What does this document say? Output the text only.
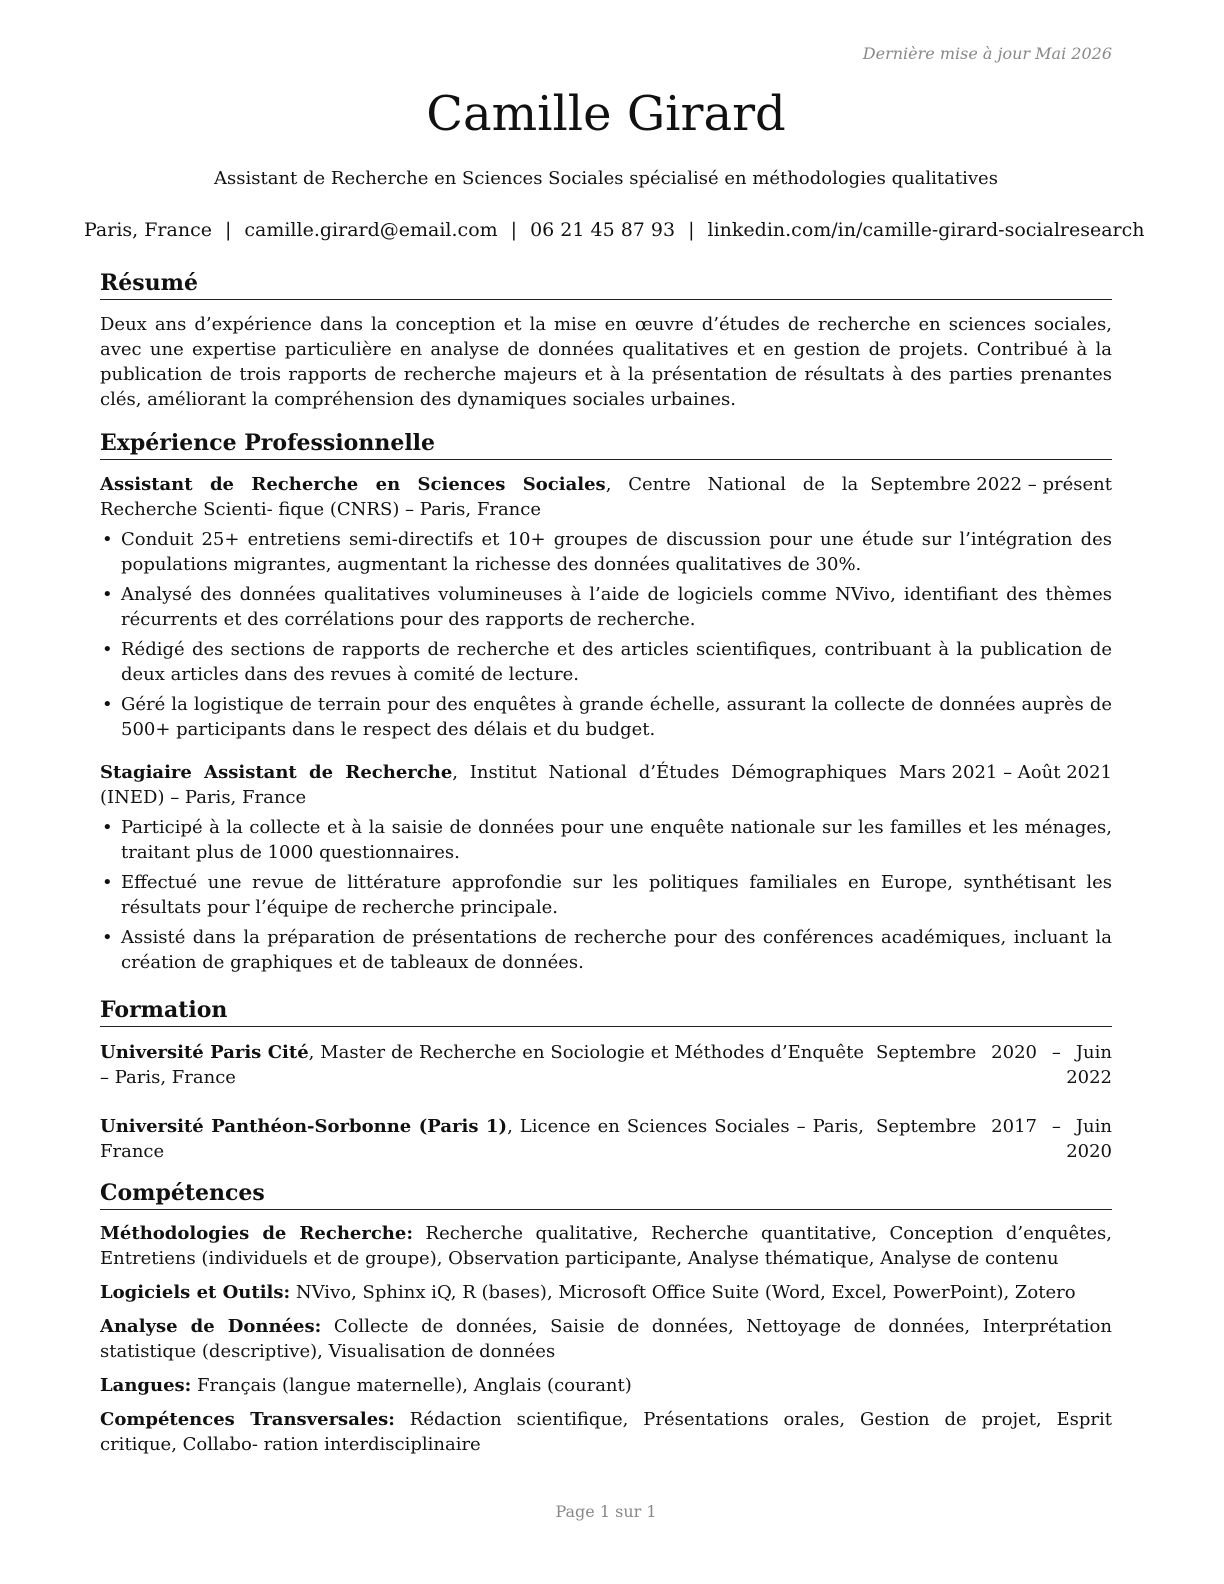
Dernière mise à jour Mai 2026
Camille Girard
Assistant de Recherche en Sciences Sociales spécialisé en méthodologies qualitatives
Paris, France | camille.girard@email.com | 06 21 45 87 93 | linkedin.com/in/camille-girard-socialresearch
Résumé
Deux ans d’expérience dans la conception et la mise en œuvre d’études de recherche en sciences sociales, avec une expertise particulière en analyse de données qualitatives et en gestion de projets. Contribué à la publication de trois rapports de recherche majeurs et à la présentation de résultats à des parties prenantes clés, améliorant la compréhension des dynamiques sociales urbaines.
Expérience Professionnelle
Assistant de Recherche en Sciences Sociales, Centre National de la Recherche Scienti- fique (CNRS) – Paris, France
Septembre 2022 – présent
• Conduit 25+ entretiens semi-directifs et 10+ groupes de discussion pour une étude sur l’intégration des populations migrantes, augmentant la richesse des données qualitatives de 30%.
• Analysé des données qualitatives volumineuses à l’aide de logiciels comme NVivo, identifiant des thèmes récurrents et des corrélations pour des rapports de recherche.
• Rédigé des sections de rapports de recherche et des articles scientifiques, contribuant à la publication de deux articles dans des revues à comité de lecture.
• Géré la logistique de terrain pour des enquêtes à grande échelle, assurant la collecte de données auprès de 500+ participants dans le respect des délais et du budget.
Stagiaire Assistant de Recherche, Institut National d’Études Démographiques (INED) – Paris, France
Mars 2021 – Août 2021
• Participé à la collecte et à la saisie de données pour une enquête nationale sur les familles et les ménages, traitant plus de 1000 questionnaires.
• Effectué une revue de littérature approfondie sur les politiques familiales en Europe, synthétisant les résultats pour l’équipe de recherche principale.
• Assisté dans la préparation de présentations de recherche pour des conférences académiques, incluant la création de graphiques et de tableaux de données.
Formation
Université Paris Cité, Master de Recherche en Sociologie et Méthodes d’Enquête – Paris, France
Septembre 2020 – Juin 2022
Université Panthéon-Sorbonne (Paris 1), Licence en Sciences Sociales – Paris, France
Septembre 2017 – Juin 2020
Compétences
Méthodologies de Recherche: Recherche qualitative, Recherche quantitative, Conception d’enquêtes, Entretiens (individuels et de groupe), Observation participante, Analyse thématique, Analyse de contenu
Logiciels et Outils: NVivo, Sphinx iQ, R (bases), Microsoft Office Suite (Word, Excel, PowerPoint), Zotero
Analyse de Données: Collecte de données, Saisie de données, Nettoyage de données, Interprétation statistique (descriptive), Visualisation de données
Langues: Français (langue maternelle), Anglais (courant)
Compétences Transversales: Rédaction scientifique, Présentations orales, Gestion de projet, Esprit critique, Collabo- ration interdisciplinaire
Page 1 sur 1
